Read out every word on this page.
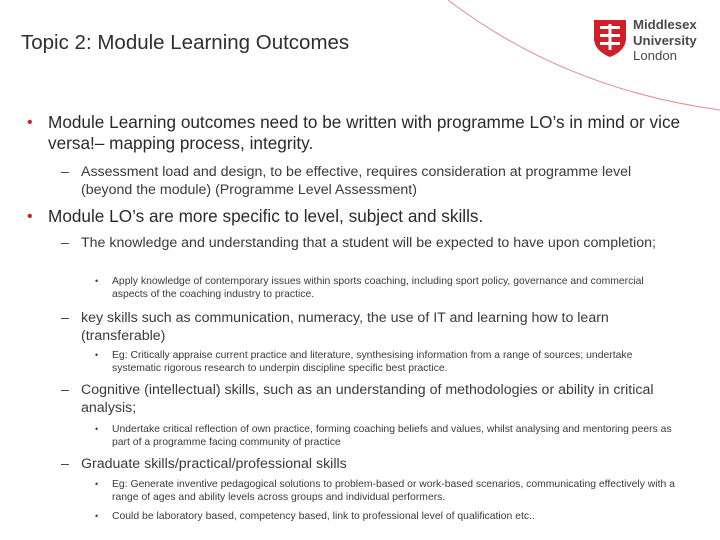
Topic 2: Module Learning Outcomes
Middlesex
University
London
• Module Learning outcomes need to be written with programme LO’s in mind or vice versa!– mapping process, integrity.
– Assessment load and design, to be effective, requires consideration at programme level (beyond the module) (Programme Level Assessment)
• Module LO’s are more specific to level, subject and skills.
– The knowledge and understanding that a student will be expected to have upon completion;
• Apply knowledge of contemporary issues within sports coaching, including sport policy, governance and commercial aspects of the coaching industry to practice.
– key skills such as communication, numeracy, the use of IT and learning how to learn (transferable)
• Eg: Critically appraise current practice and literature, synthesising information from a range of sources; undertake systematic rigorous research to underpin discipline specific best practice.
– Cognitive (intellectual) skills, such as an understanding of methodologies or ability in critical analysis;
• Undertake critical reflection of own practice, forming coaching beliefs and values, whilst analysing and mentoring peers as part of a programme facing community of practice
– Graduate skills/practical/professional skills
• Eg: Generate inventive pedagogical solutions to problem-based or work-based scenarios, communicating effectively with a range of ages and ability levels across groups and individual performers.
• Could be laboratory based, competency based, link to professional level of qualification etc..
